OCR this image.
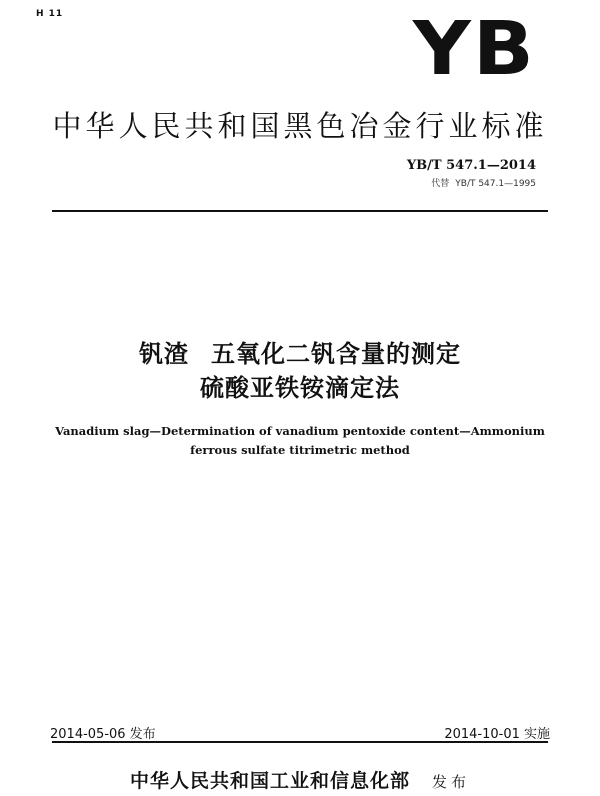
H 11	YB
中华人民共和国黑色冶金行业标准
YB/T 547.1—2014
代替 YB/T 547.1—1995
钒渣 五氧化二钒含量的测定
硫酸亚铁铵滴定法
Vanadium slag—Determination of vanadium pentoxide content—Ammonium
ferrous sulfate titrimetric method
2014-05-06 发布	2014-10-01 实施
中华人民共和国工业和信息化部 发布
